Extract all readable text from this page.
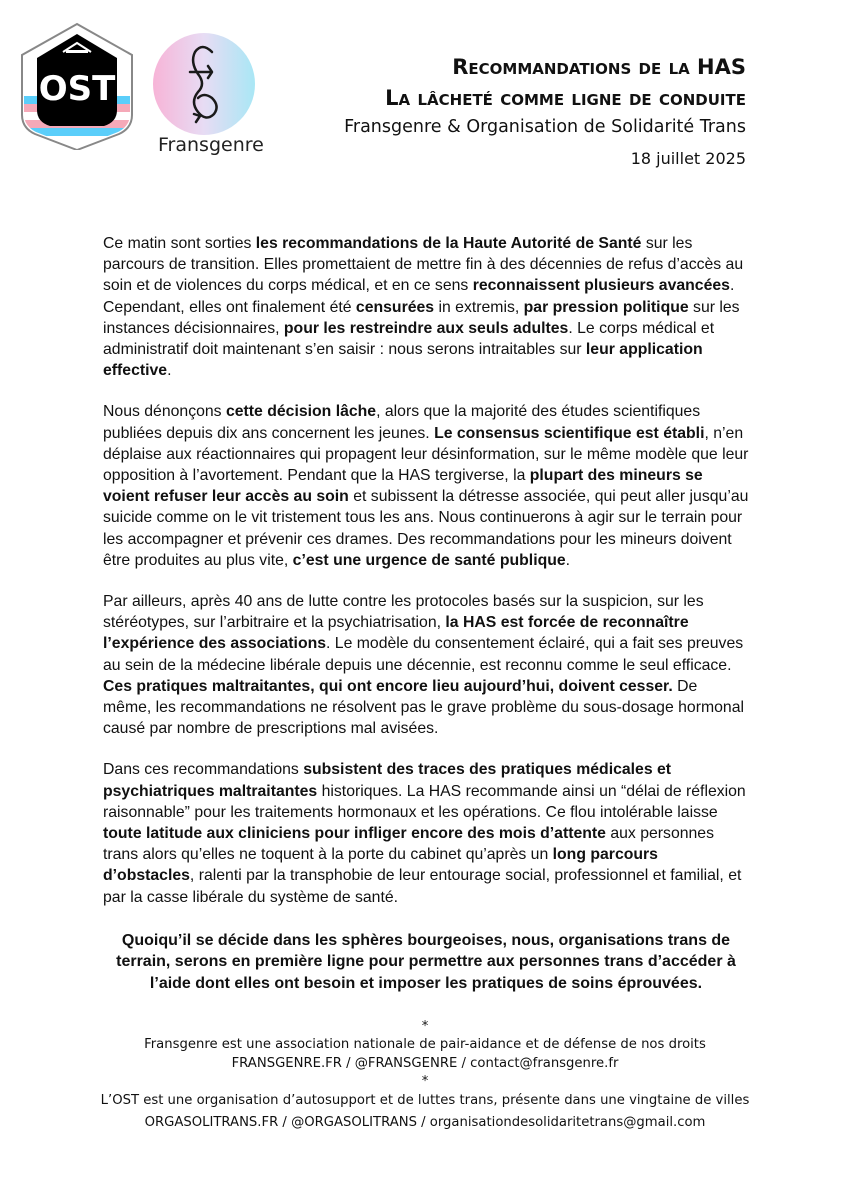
OST
Fransgenre
Recommandations de la HAS
La lâcheté comme ligne de conduite
Fransgenre & Organisation de Solidarité Trans
18 juillet 2025

Ce matin sont sorties les recommandations de la Haute Autorité de Santé sur les parcours de transition. Elles promettaient de mettre fin à des décennies de refus d’accès au soin et de violences du corps médical, et en ce sens reconnaissent plusieurs avancées. Cependant, elles ont finalement été censurées in extremis, par pression politique sur les instances décisionnaires, pour les restreindre aux seuls adultes. Le corps médical et administratif doit maintenant s’en saisir : nous serons intraitables sur leur application effective.

Nous dénonçons cette décision lâche, alors que la majorité des études scientifiques publiées depuis dix ans concernent les jeunes. Le consensus scientifique est établi, n’en déplaise aux réactionnaires qui propagent leur désinformation, sur le même modèle que leur opposition à l’avortement. Pendant que la HAS tergiverse, la plupart des mineurs se voient refuser leur accès au soin et subissent la détresse associée, qui peut aller jusqu’au suicide comme on le vit tristement tous les ans. Nous continuerons à agir sur le terrain pour les accompagner et prévenir ces drames. Des recommandations pour les mineurs doivent être produites au plus vite, c’est une urgence de santé publique.

Par ailleurs, après 40 ans de lutte contre les protocoles basés sur la suspicion, sur les stéréotypes, sur l’arbitraire et la psychiatrisation, la HAS est forcée de reconnaître l’expérience des associations. Le modèle du consentement éclairé, qui a fait ses preuves au sein de la médecine libérale depuis une décennie, est reconnu comme le seul efficace. Ces pratiques maltraitantes, qui ont encore lieu aujourd’hui, doivent cesser. De même, les recommandations ne résolvent pas le grave problème du sous-dosage hormonal causé par nombre de prescriptions mal avisées.

Dans ces recommandations subsistent des traces des pratiques médicales et psychiatriques maltraitantes historiques. La HAS recommande ainsi un “délai de réflexion raisonnable” pour les traitements hormonaux et les opérations. Ce flou intolérable laisse toute latitude aux cliniciens pour infliger encore des mois d’attente aux personnes trans alors qu’elles ne toquent à la porte du cabinet qu’après un long parcours d’obstacles, ralenti par la transphobie de leur entourage social, professionnel et familial, et par la casse libérale du système de santé.

Quoiqu’il se décide dans les sphères bourgeoises, nous, organisations trans de terrain, serons en première ligne pour permettre aux personnes trans d’accéder à l’aide dont elles ont besoin et imposer les pratiques de soins éprouvées.

*
Fransgenre est une association nationale de pair-aidance et de défense de nos droits
FRANSGENRE.FR / @FRANSGENRE / contact@fransgenre.fr
*
L’OST est une organisation d’autosupport et de luttes trans, présente dans une vingtaine de villes
ORGASOLITRANS.FR / @ORGASOLITRANS / organisationdesolidaritetrans@gmail.com
